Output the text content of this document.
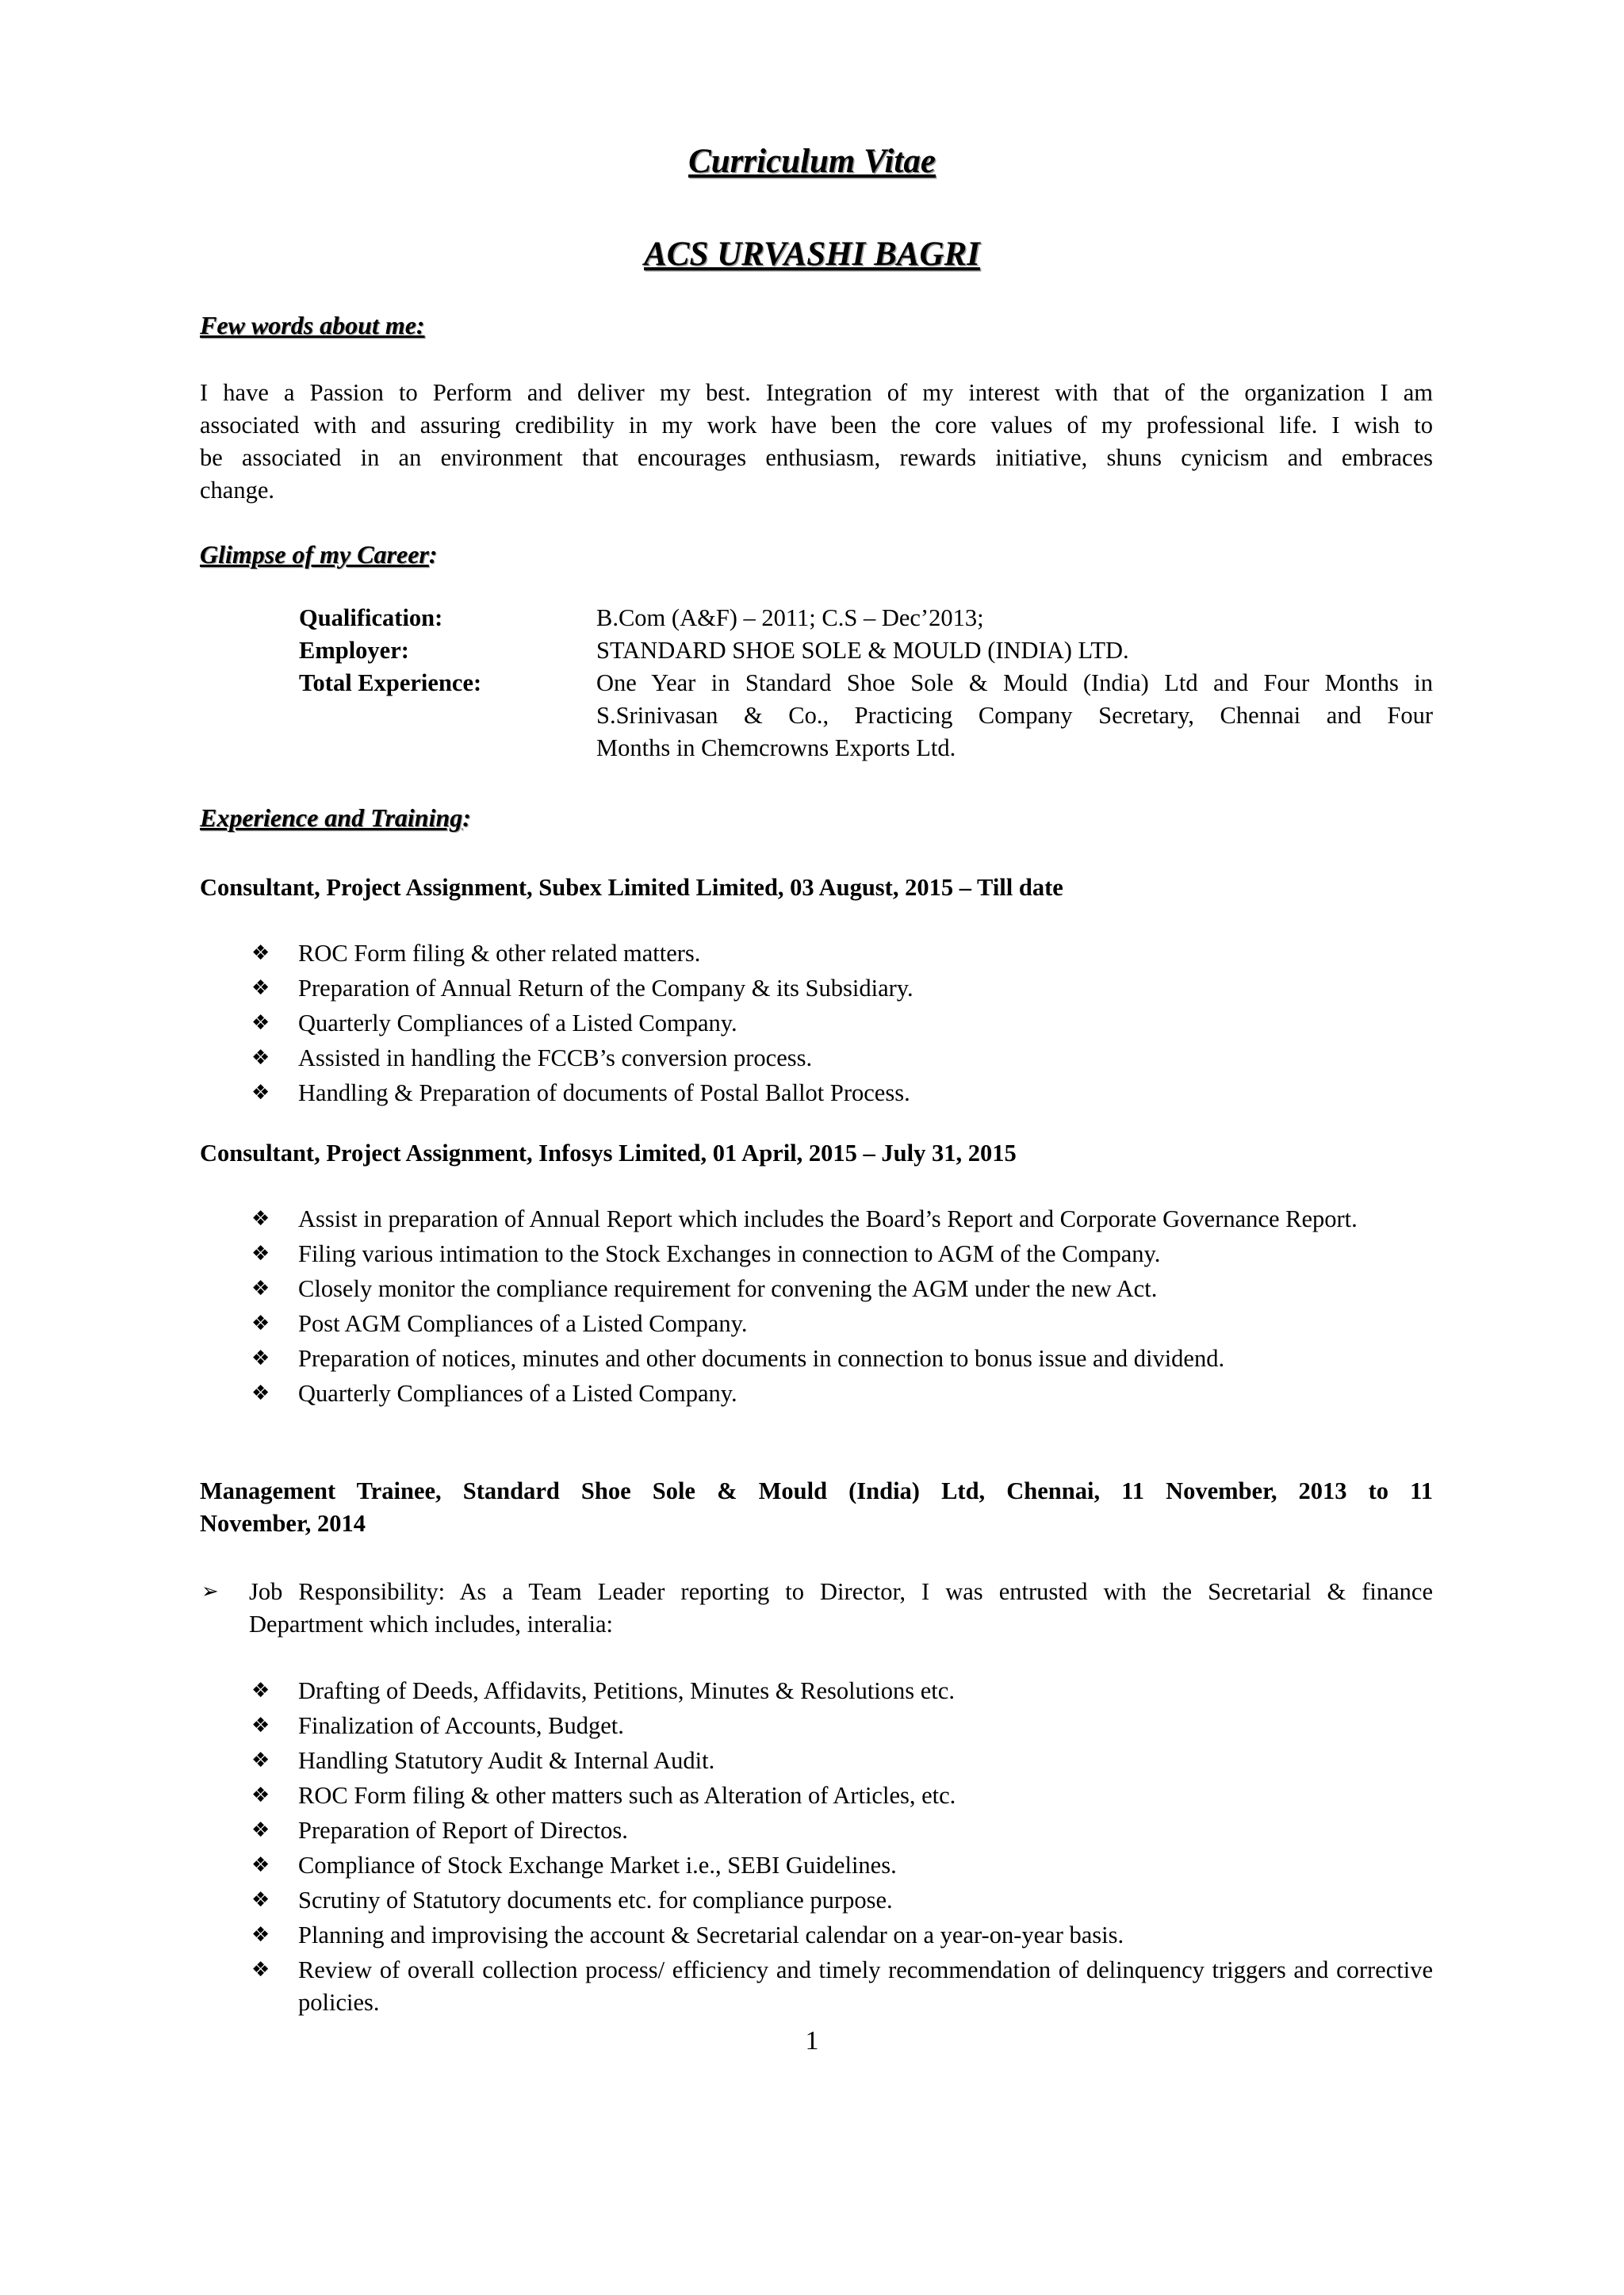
Curriculum Vitae
ACS URVASHI BAGRI
Few words about me:
I have a Passion to Perform and deliver my best. Integration of my interest with that of the organization I am
associated with and assuring credibility in my work have been the core values of my professional life. I wish to
be associated in an environment that encourages enthusiasm, rewards initiative, shuns cynicism and embraces
change.
Glimpse of my Career:
Qualification:	B.Com (A&F) – 2011; C.S – Dec’2013;
Employer:	STANDARD SHOE SOLE & MOULD (INDIA) LTD.
Total Experience:	One Year in Standard Shoe Sole & Mould (India) Ltd and Four Months in
S.Srinivasan & Co., Practicing Company Secretary, Chennai and Four
Months in Chemcrowns Exports Ltd.
Experience and Training:
Consultant, Project Assignment, Subex Limited Limited, 03 August, 2015 – Till date
❖	ROC Form filing & other related matters.
❖	Preparation of Annual Return of the Company & its Subsidiary.
❖	Quarterly Compliances of a Listed Company.
❖	Assisted in handling the FCCB’s conversion process.
❖	Handling & Preparation of documents of Postal Ballot Process.
Consultant, Project Assignment, Infosys Limited, 01 April, 2015 – July 31, 2015
❖	Assist in preparation of Annual Report which includes the Board’s Report and Corporate Governance Report.
❖	Filing various intimation to the Stock Exchanges in connection to AGM of the Company.
❖	Closely monitor the compliance requirement for convening the AGM under the new Act.
❖	Post AGM Compliances of a Listed Company.
❖	Preparation of notices, minutes and other documents in connection to bonus issue and dividend.
❖	Quarterly Compliances of a Listed Company.
Management Trainee, Standard Shoe Sole & Mould (India) Ltd, Chennai, 11 November, 2013 to 11
November, 2014
➢ Job Responsibility: As a Team Leader reporting to Director, I was entrusted with the Secretarial & finance
Department which includes, interalia:
❖	Drafting of Deeds, Affidavits, Petitions, Minutes & Resolutions etc.
❖	Finalization of Accounts, Budget.
❖	Handling Statutory Audit & Internal Audit.
❖	ROC Form filing & other matters such as Alteration of Articles, etc.
❖	Preparation of Report of Directos.
❖	Compliance of Stock Exchange Market i.e., SEBI Guidelines.
❖	Scrutiny of Statutory documents etc. for compliance purpose.
❖	Planning and improvising the account & Secretarial calendar on a year-on-year basis.
❖	Review of overall collection process/ efficiency and timely recommendation of delinquency triggers and corrective policies.
1
